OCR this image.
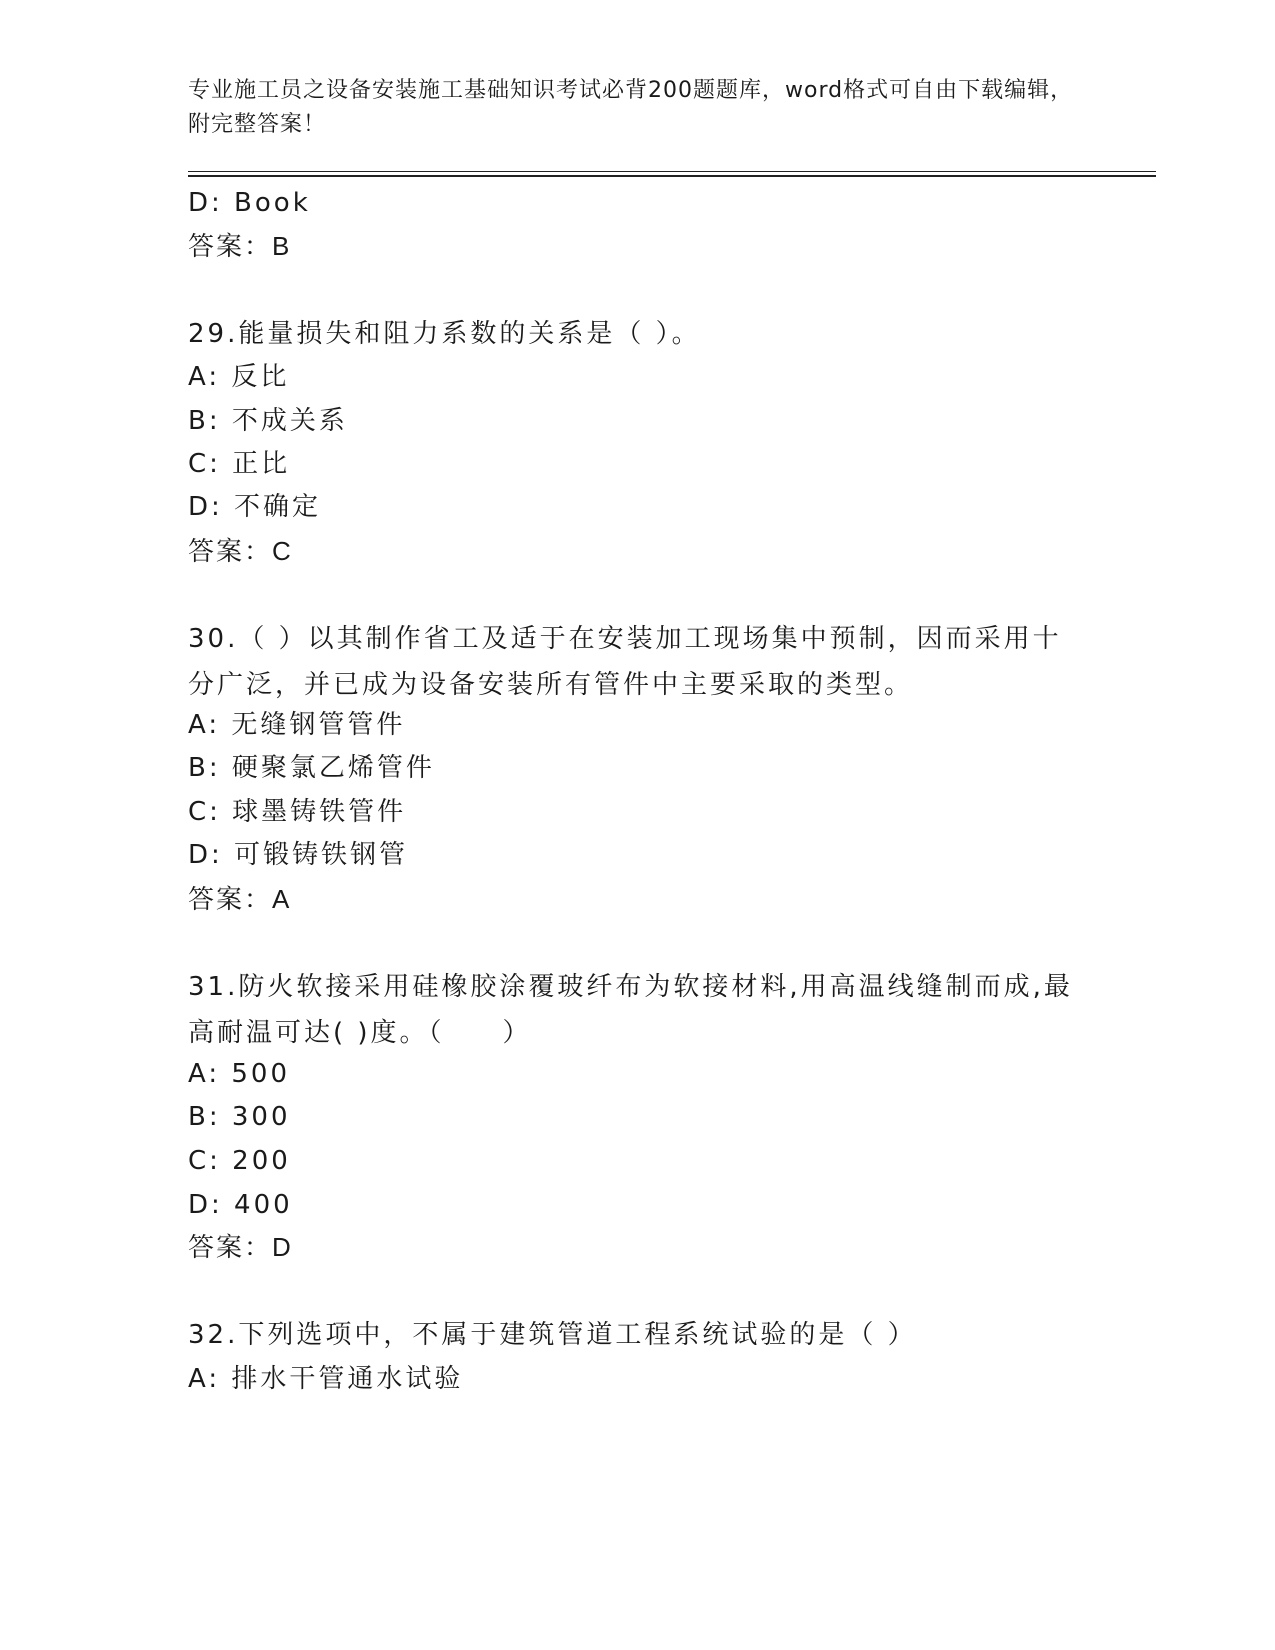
专业施工员之设备安装施工基础知识考试必背200题题库，word格式可自由下载编辑，附完整答案！
D: Book
答案：B
29.能量损失和阻力系数的关系是（ ）。
A: 反比
B: 不成关系
C: 正比
D: 不确定
答案：C
30.（ ）以其制作省工及适于在安装加工现场集中预制，因而采用十分广泛，并已成为设备安装所有管件中主要采取的类型。
A: 无缝钢管管件
B: 硬聚氯乙烯管件
C: 球墨铸铁管件
D: 可锻铸铁钢管
答案：A
31.防火软接采用硅橡胶涂覆玻纤布为软接材料,用高温线缝制而成,最高耐温可达( )度。（　　）
A: 500
B: 300
C: 200
D: 400
答案：D
32.下列选项中，不属于建筑管道工程系统试验的是（ ）
A: 排水干管通水试验
